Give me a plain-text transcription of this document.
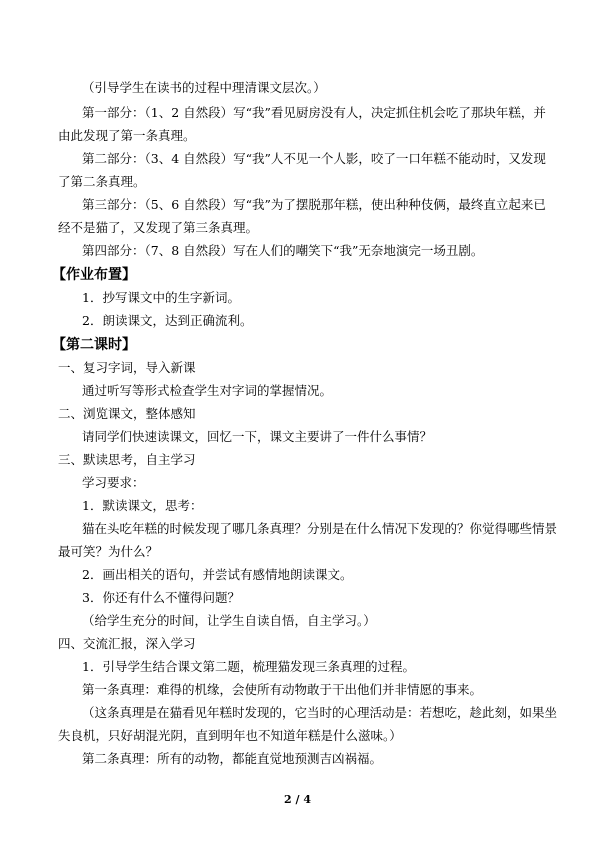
（引导学生在读书的过程中理清课文层次。）
第一部分：（1、2 自然段）写“我”看见厨房没有人，决定抓住机会吃了那块年糕，并
由此发现了第一条真理。
第二部分：（3、4 自然段）写“我”人不见一个人影，咬了一口年糕不能动时，又发现
了第二条真理。
第三部分：（5、6 自然段）写“我”为了摆脱那年糕，使出种种伎俩，最终直立起来已
经不是猫了，又发现了第三条真理。
第四部分：（7、8 自然段）写在人们的嘲笑下“我”无奈地演完一场丑剧。
【作业布置】
1．抄写课文中的生字新词。
2．朗读课文，达到正确流利。
【第二课时】
一、复习字词，导入新课
通过听写等形式检查学生对字词的掌握情况。
二、浏览课文，整体感知
请同学们快速读课文，回忆一下，课文主要讲了一件什么事情？
三、默读思考，自主学习
学习要求：
1．默读课文，思考：
猫在头吃年糕的时候发现了哪几条真理？分别是在什么情况下发现的？你觉得哪些情景
最可笑？为什么？
2．画出相关的语句，并尝试有感情地朗读课文。
3．你还有什么不懂得问题？
（给学生充分的时间，让学生自读自悟，自主学习。）
四、交流汇报，深入学习
1．引导学生结合课文第二题，梳理猫发现三条真理的过程。
第一条真理：难得的机缘，会使所有动物敢于干出他们并非情愿的事来。
（这条真理是在猫看见年糕时发现的，它当时的心理活动是：若想吃，趁此刻，如果坐
失良机，只好胡混光阴，直到明年也不知道年糕是什么滋味。）
第二条真理：所有的动物，都能直觉地预测吉凶祸福。
2 / 4
